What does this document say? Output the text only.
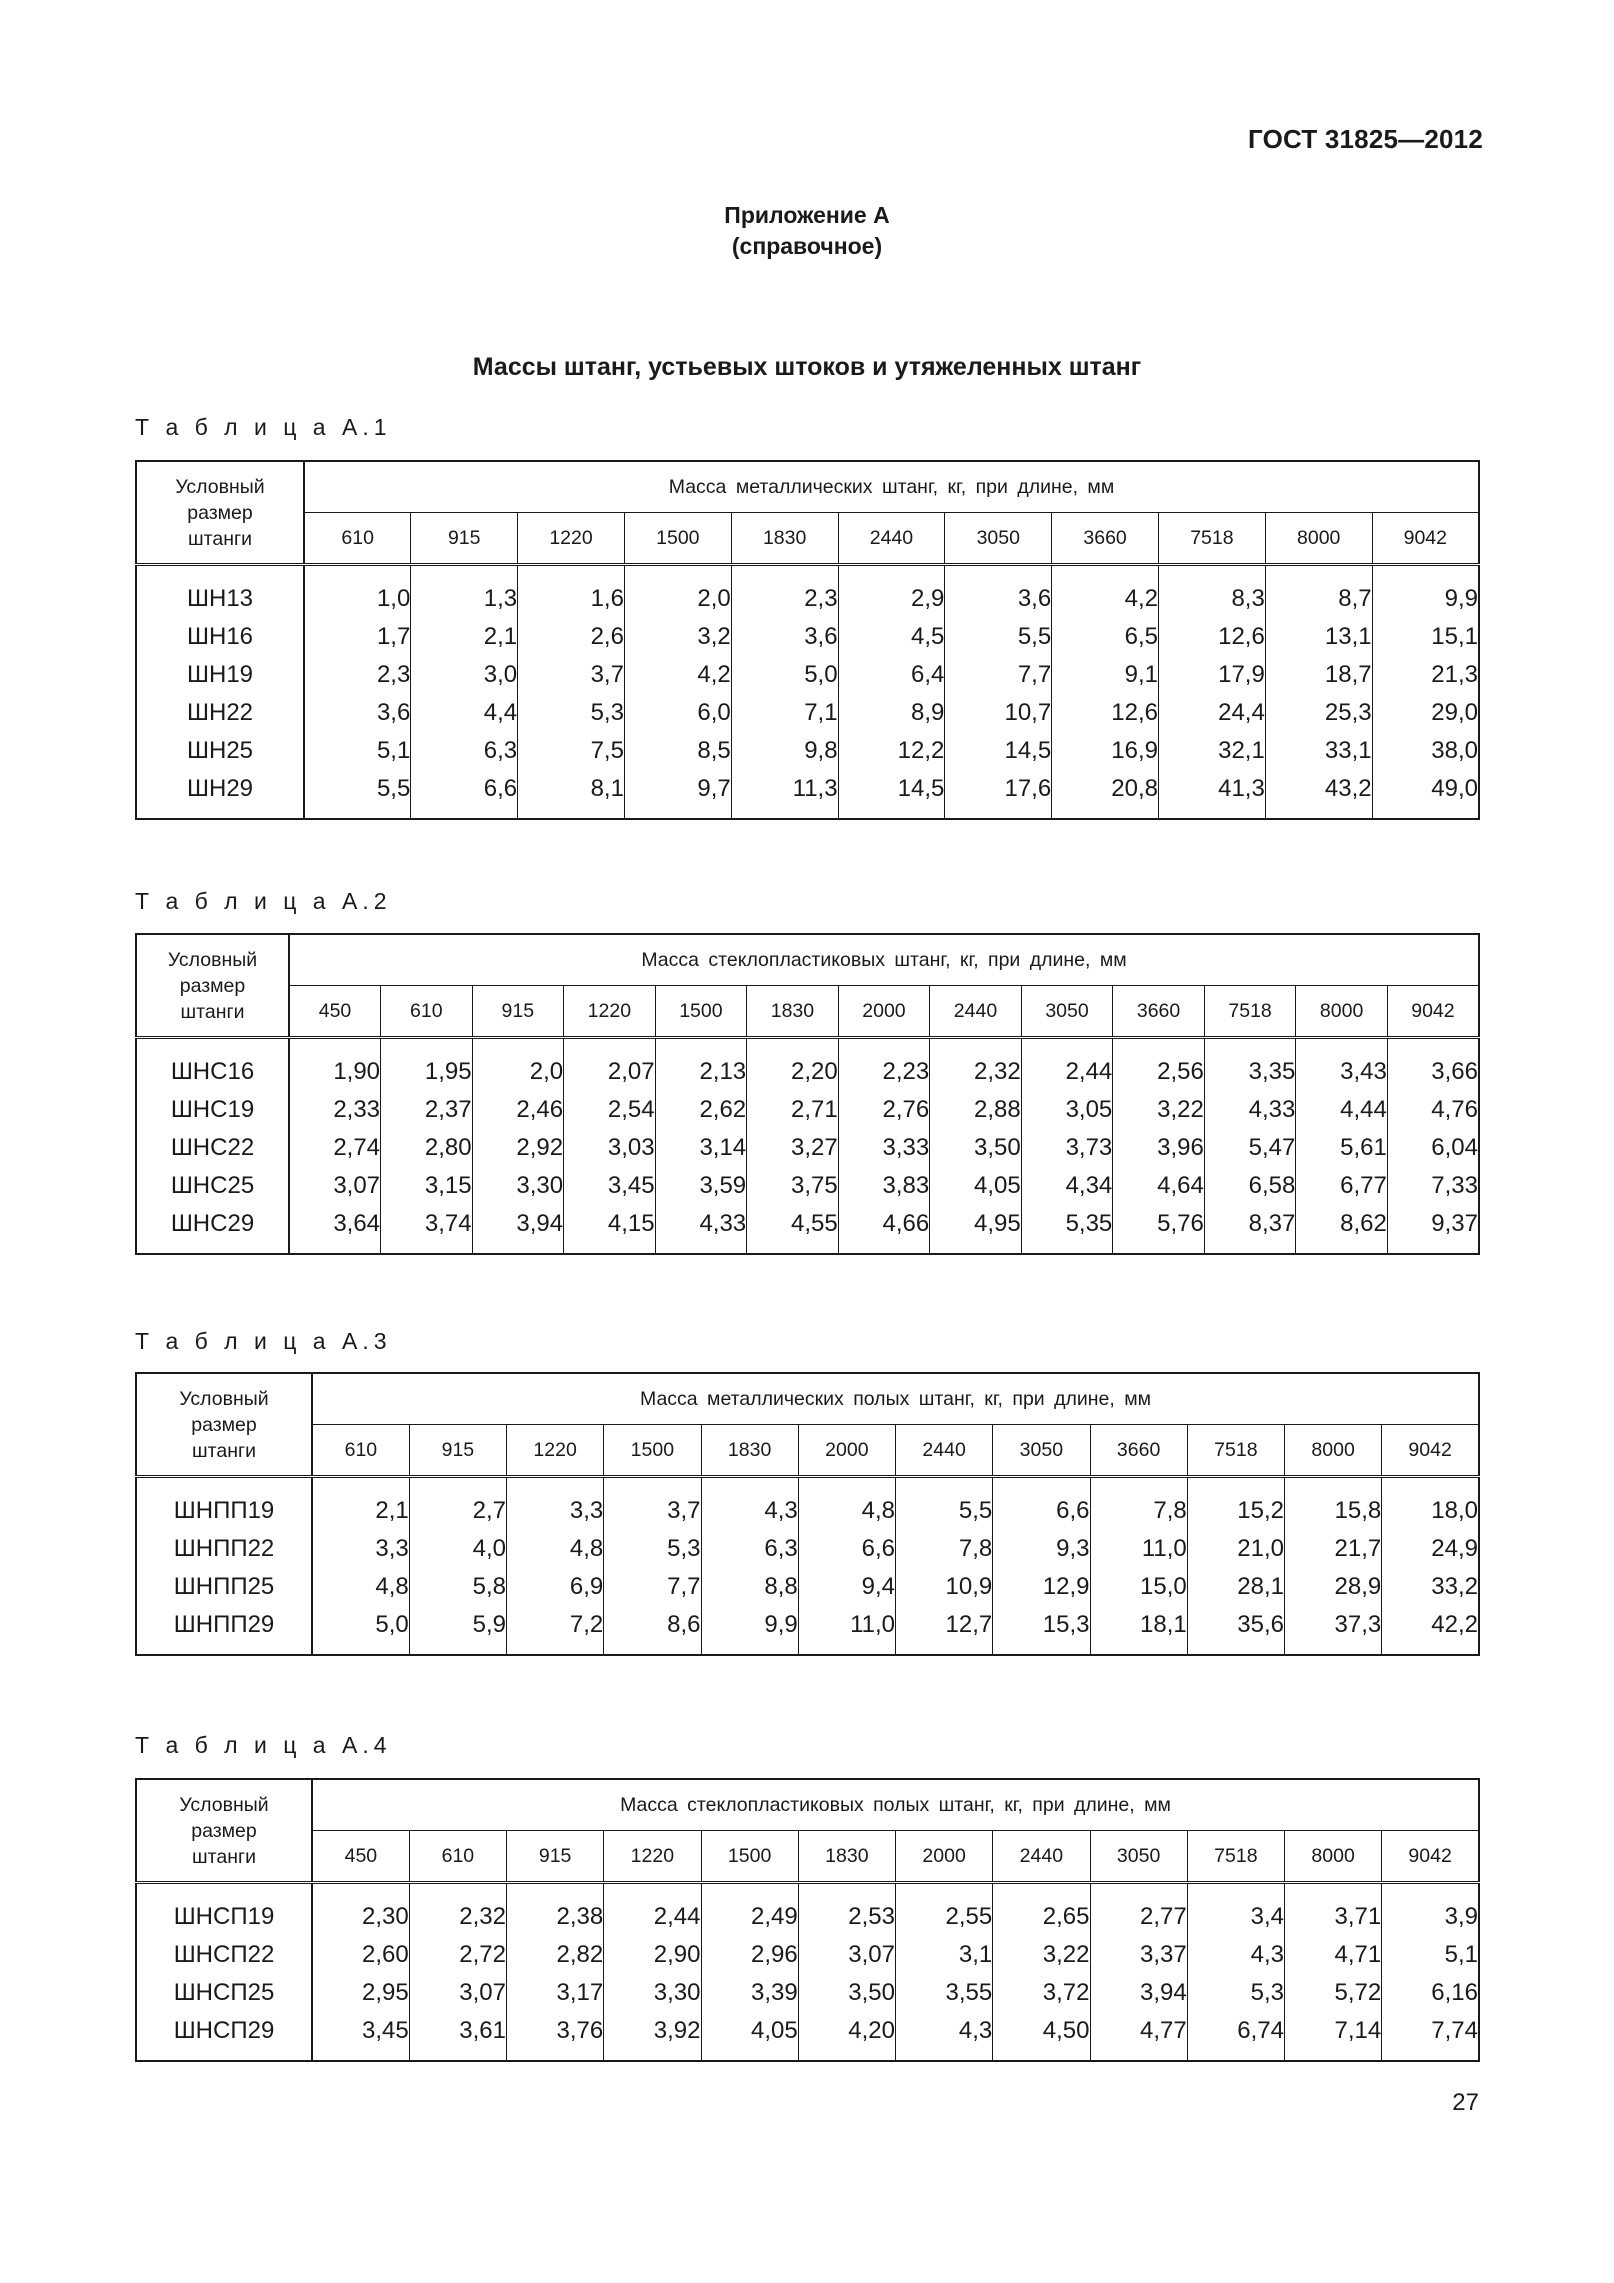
ГОСТ 31825—2012
Приложение А
(справочное)
Массы штанг, устьевых штоков и утяжеленных штанг
Т а б л и ц а А.1
Условный
размер
штанги	Масса металлических штанг, кг, при длине, мм										
	610	915	1220	1500	1830	2440	3050	3660	7518	8000	9042

ШН13	1,0	1,3	1,6	2,0	2,3	2,9	3,6	4,2	8,3	8,7	9,9
ШН16	1,7	2,1	2,6	3,2	3,6	4,5	5,5	6,5	12,6	13,1	15,1
ШН19	2,3	3,0	3,7	4,2	5,0	6,4	7,7	9,1	17,9	18,7	21,3
ШН22	3,6	4,4	5,3	6,0	7,1	8,9	10,7	12,6	24,4	25,3	29,0
ШН25	5,1	6,3	7,5	8,5	9,8	12,2	14,5	16,9	32,1	33,1	38,0
ШН29	5,5	6,6	8,1	9,7	11,3	14,5	17,6	20,8	41,3	43,2	49,0
Т а б л и ц а А.2
Условный
размер
штанги	Масса стеклопластиковых штанг, кг, при длине, мм												
	450	610	915	1220	1500	1830	2000	2440	3050	3660	7518	8000	9042

ШНС16	1,90	1,95	2,0	2,07	2,13	2,20	2,23	2,32	2,44	2,56	3,35	3,43	3,66
ШНС19	2,33	2,37	2,46	2,54	2,62	2,71	2,76	2,88	3,05	3,22	4,33	4,44	4,76
ШНС22	2,74	2,80	2,92	3,03	3,14	3,27	3,33	3,50	3,73	3,96	5,47	5,61	6,04
ШНС25	3,07	3,15	3,30	3,45	3,59	3,75	3,83	4,05	4,34	4,64	6,58	6,77	7,33
ШНС29	3,64	3,74	3,94	4,15	4,33	4,55	4,66	4,95	5,35	5,76	8,37	8,62	9,37
Т а б л и ц а А.3
Условный
размер
штанги	Масса металлических полых штанг, кг, при длине, мм											
	610	915	1220	1500	1830	2000	2440	3050	3660	7518	8000	9042

ШНПП19	2,1	2,7	3,3	3,7	4,3	4,8	5,5	6,6	7,8	15,2	15,8	18,0
ШНПП22	3,3	4,0	4,8	5,3	6,3	6,6	7,8	9,3	11,0	21,0	21,7	24,9
ШНПП25	4,8	5,8	6,9	7,7	8,8	9,4	10,9	12,9	15,0	28,1	28,9	33,2
ШНПП29	5,0	5,9	7,2	8,6	9,9	11,0	12,7	15,3	18,1	35,6	37,3	42,2
Т а б л и ц а А.4
Условный
размер
штанги	Масса стеклопластиковых полых штанг, кг, при длине, мм											
	450	610	915	1220	1500	1830	2000	2440	3050	7518	8000	9042

ШНСП19	2,30	2,32	2,38	2,44	2,49	2,53	2,55	2,65	2,77	3,4	3,71	3,9
ШНСП22	2,60	2,72	2,82	2,90	2,96	3,07	3,1	3,22	3,37	4,3	4,71	5,1
ШНСП25	2,95	3,07	3,17	3,30	3,39	3,50	3,55	3,72	3,94	5,3	5,72	6,16
ШНСП29	3,45	3,61	3,76	3,92	4,05	4,20	4,3	4,50	4,77	6,74	7,14	7,74
27
